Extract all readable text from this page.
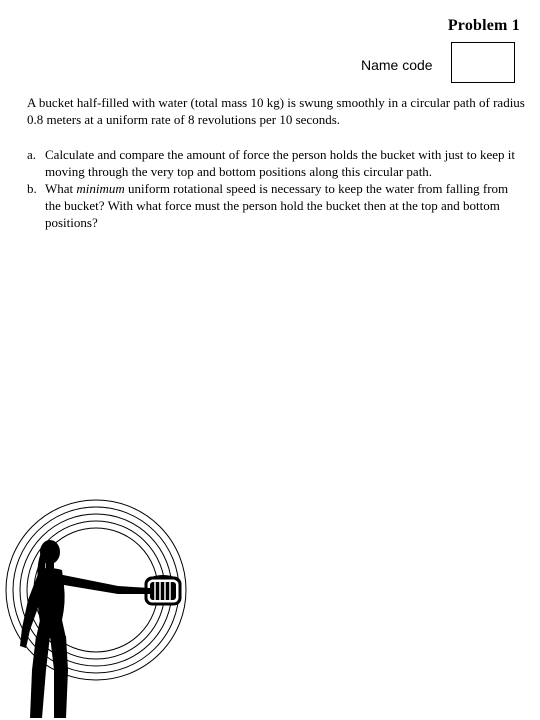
Problem 1
Name code

A bucket half-filled with water (total mass 10 kg) is swung smoothly in a circular path of radius 0.8 meters at a uniform rate of 8 revolutions per 10 seconds.

a. Calculate and compare the amount of force the person holds the bucket with just to keep it moving through the very top and bottom positions along this circular path.
b. What minimum uniform rotational speed is necessary to keep the water from falling from the bucket? With what force must the person hold the bucket then at the top and bottom positions?
